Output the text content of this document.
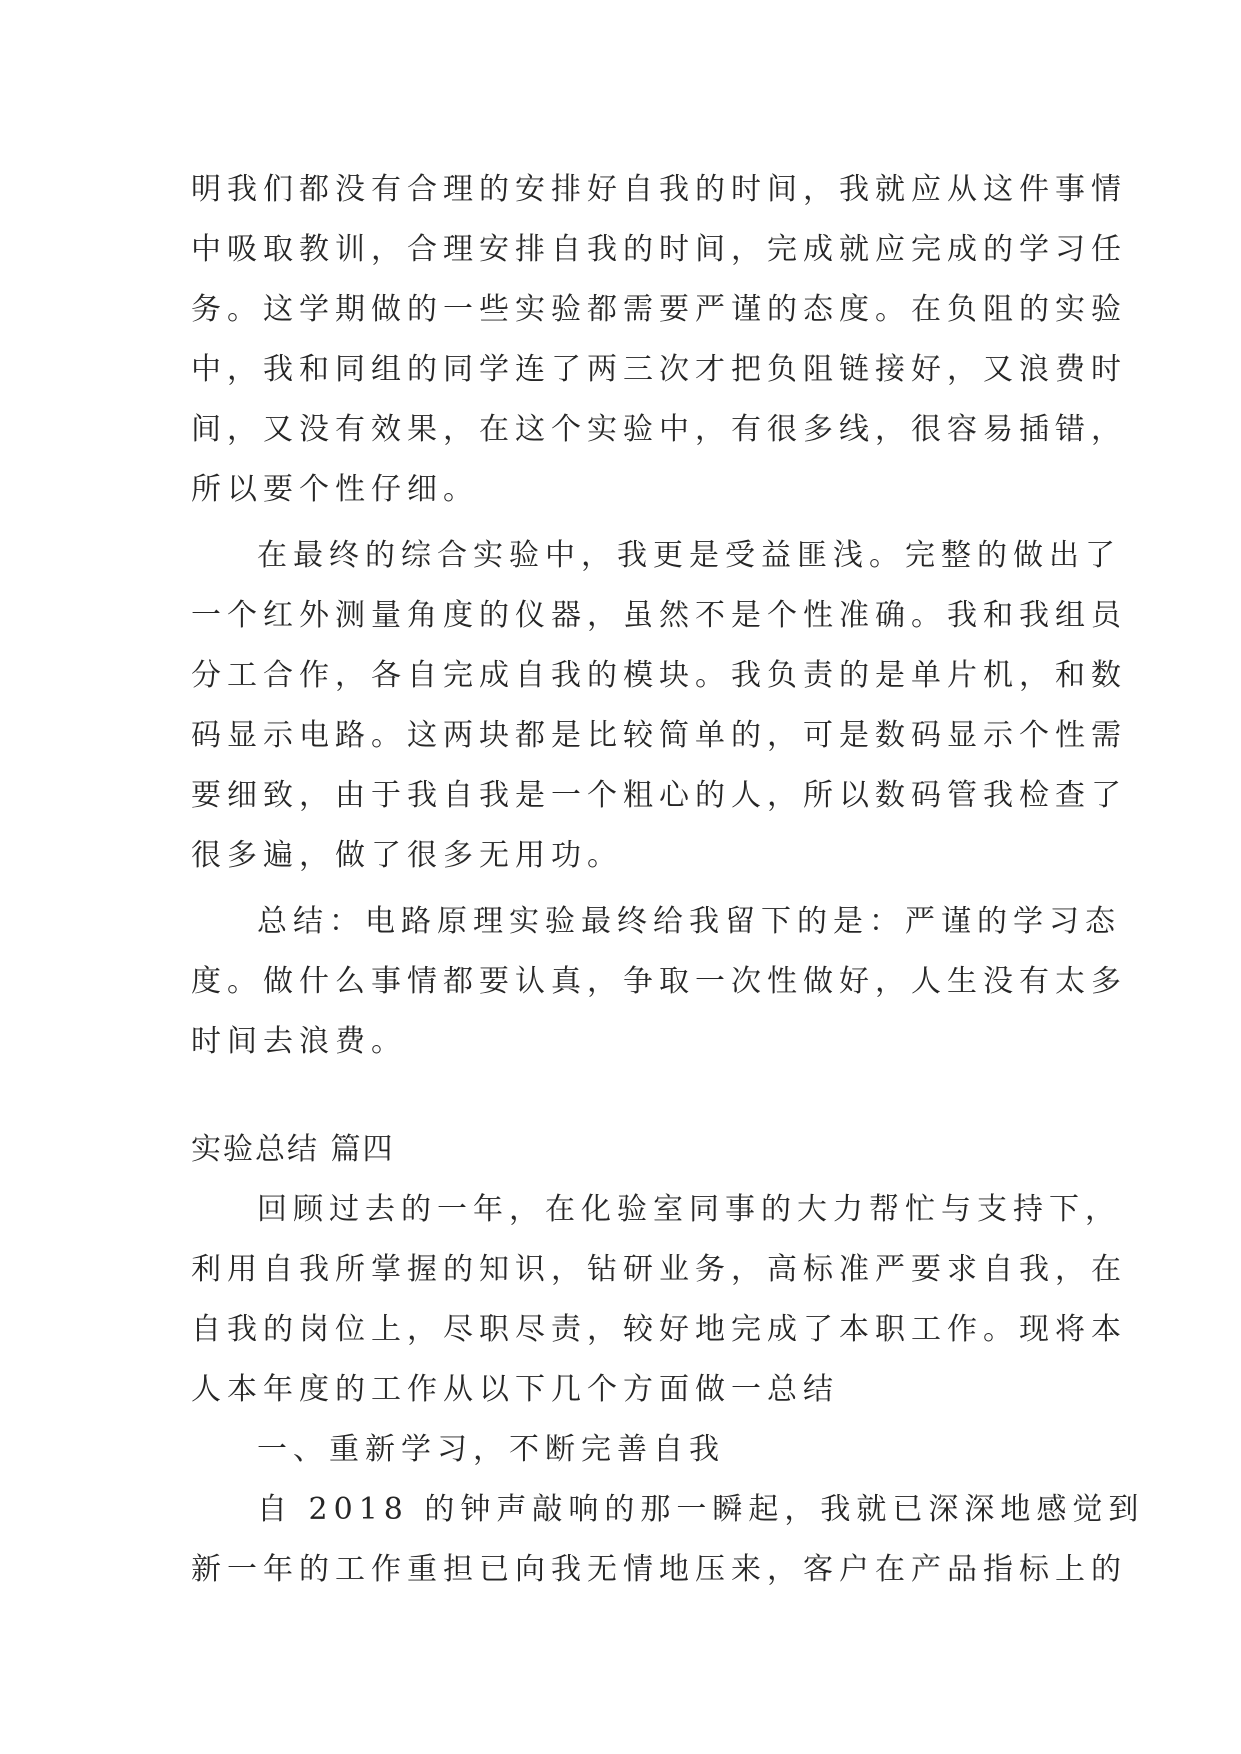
明我们都没有合理的安排好自我的时间，我就应从这件事情
中吸取教训，合理安排自我的时间，完成就应完成的学习任
务。这学期做的一些实验都需要严谨的态度。在负阻的实验
中，我和同组的同学连了两三次才把负阻链接好，又浪费时
间，又没有效果，在这个实验中，有很多线，很容易插错，
所以要个性仔细。
在最终的综合实验中，我更是受益匪浅。完整的做出了
一个红外测量角度的仪器，虽然不是个性准确。我和我组员
分工合作，各自完成自我的模块。我负责的是单片机，和数
码显示电路。这两块都是比较简单的，可是数码显示个性需
要细致，由于我自我是一个粗心的人，所以数码管我检查了
很多遍，做了很多无用功。
总结：电路原理实验最终给我留下的是：严谨的学习态
度。做什么事情都要认真，争取一次性做好，人生没有太多
时间去浪费。
实验总结 篇四
回顾过去的一年，在化验室同事的大力帮忙与支持下，
利用自我所掌握的知识，钻研业务，高标准严要求自我，在
自我的岗位上，尽职尽责，较好地完成了本职工作。现将本
人本年度的工作从以下几个方面做一总结
一、重新学习，不断完善自我
自 2018 的钟声敲响的那一瞬起，我就已深深地感觉到
新一年的工作重担已向我无情地压来，客户在产品指标上的
